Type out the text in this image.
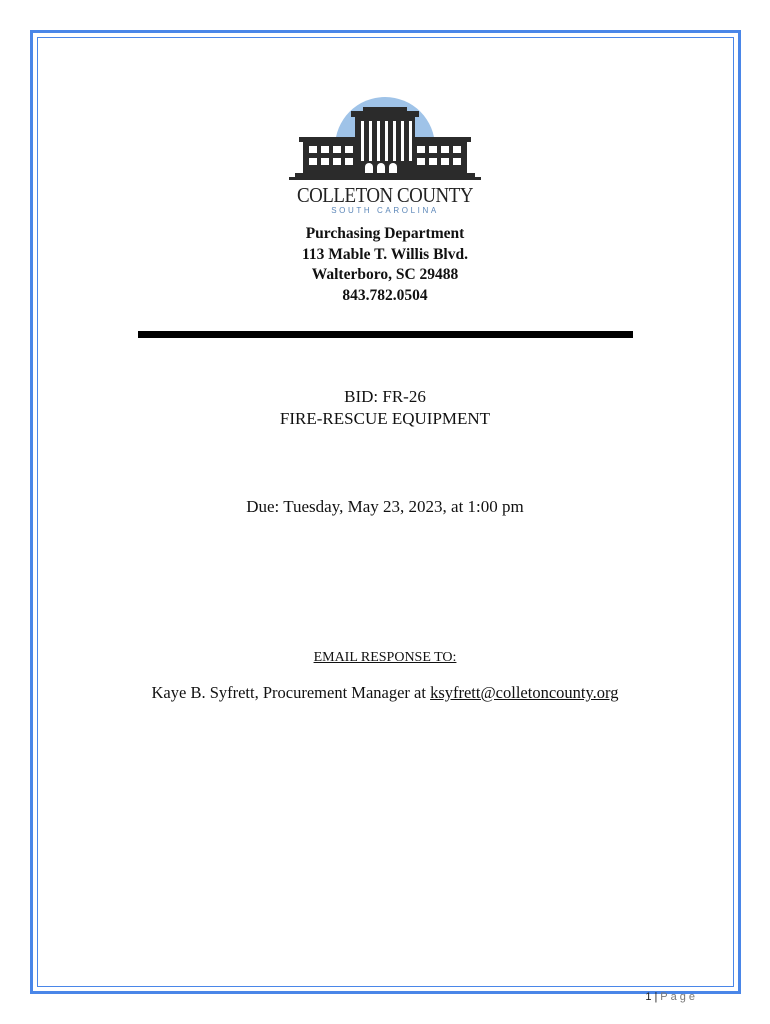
COLLETON COUNTY
SOUTH CAROLINA
Purchasing Department
113 Mable T. Willis Blvd.
Walterboro, SC 29488
843.782.0504
BID: FR-26
FIRE-RESCUE EQUIPMENT
Due: Tuesday, May 23, 2023, at 1:00 pm
EMAIL RESPONSE TO:
Kaye B. Syfrett, Procurement Manager at ksyfrett@colletoncounty.org
1 | Page
